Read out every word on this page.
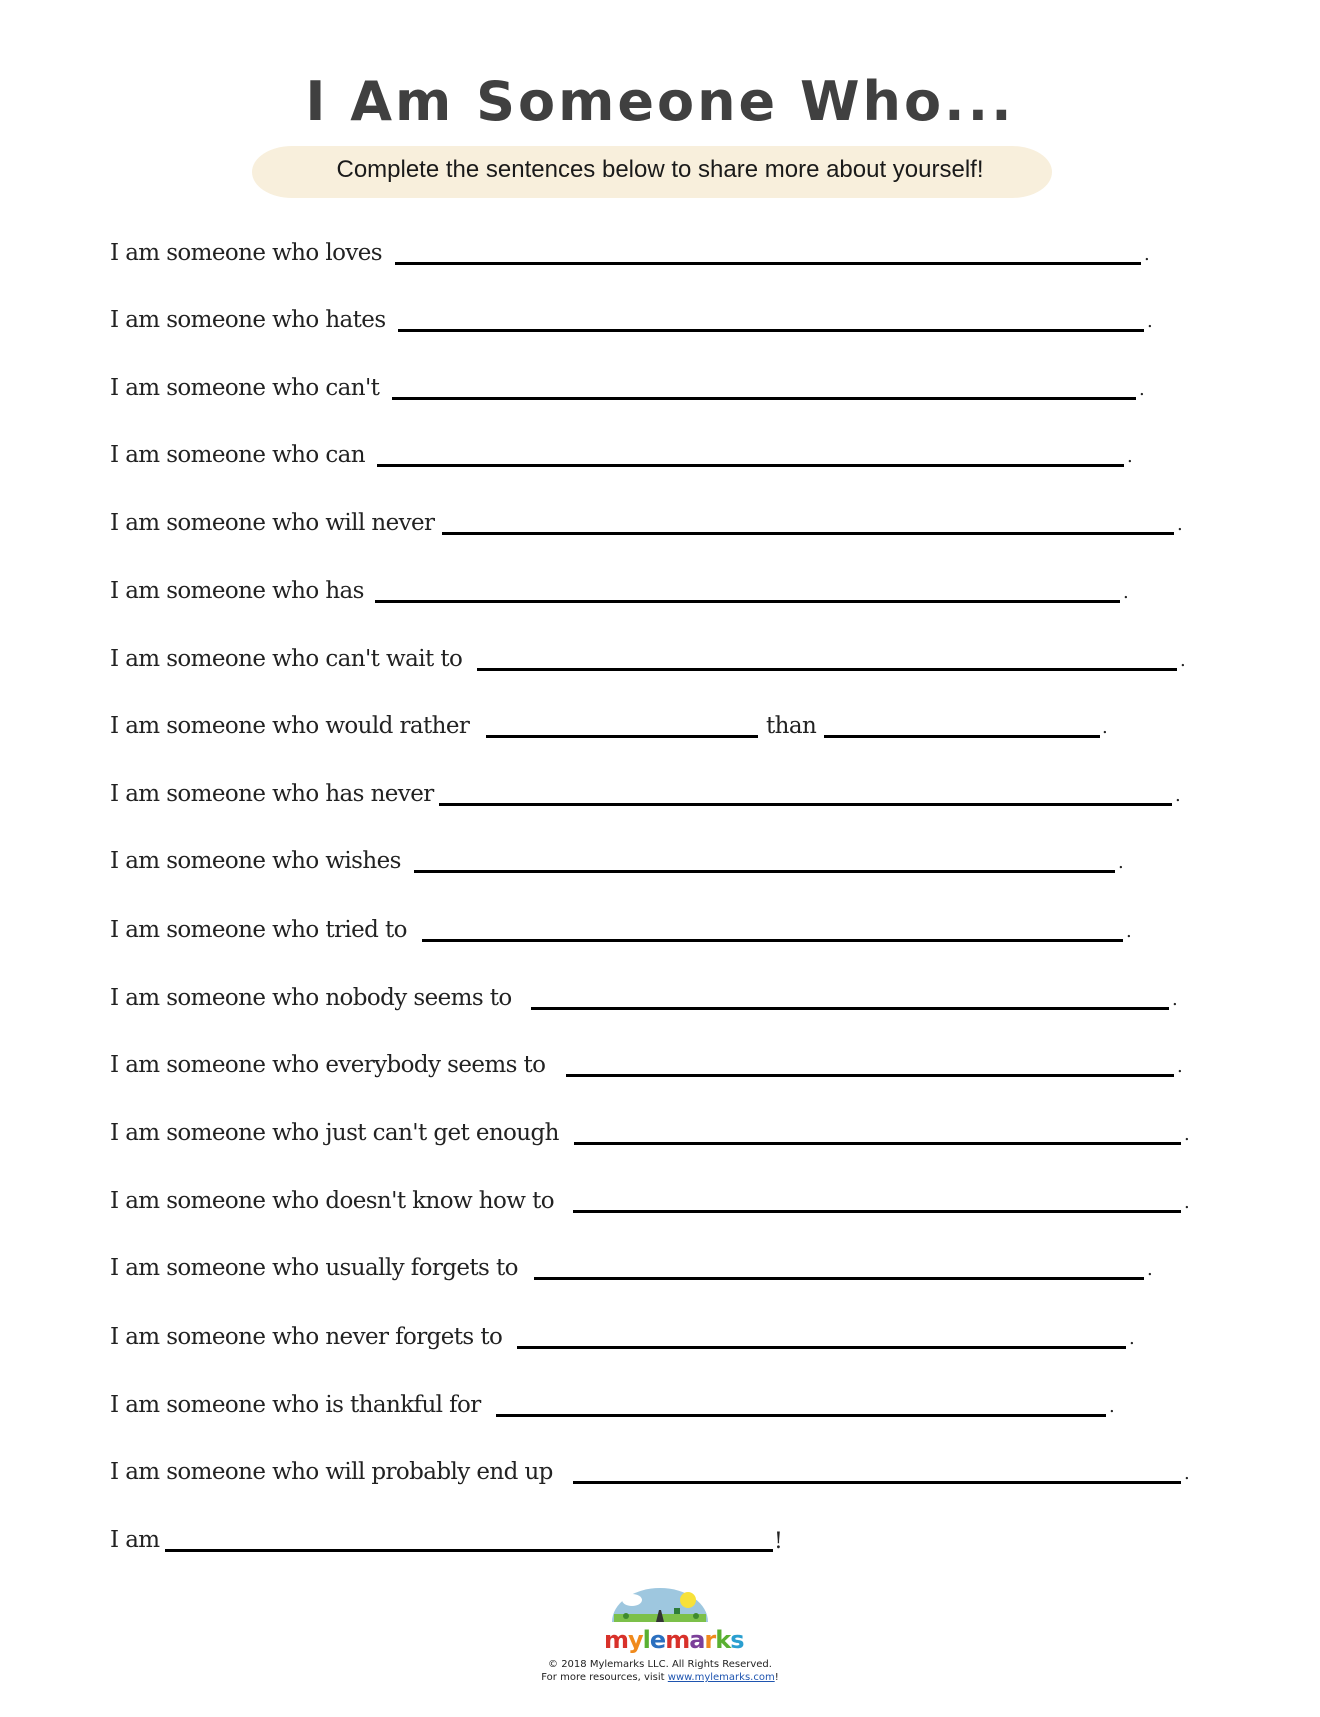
I Am Someone Who...
Complete the sentences below to share more about yourself!
I am someone who loves	.
I am someone who hates	.
I am someone who can't	.
I am someone who can	.
I am someone who will never	.
I am someone who has	.
I am someone who can't wait to	.
I am someone who would rather	than	.
I am someone who has never	.
I am someone who wishes	.
I am someone who tried to	.
I am someone who nobody seems to	.
I am someone who everybody seems to	.
I am someone who just can't get enough	.
I am someone who doesn't know how to	.
I am someone who usually forgets to	.
I am someone who never forgets to	.
I am someone who is thankful for	.
I am someone who will probably end up	.
I am	!
mylemarks
© 2018 Mylemarks LLC. All Rights Reserved.
For more resources, visit www.mylemarks.com!
